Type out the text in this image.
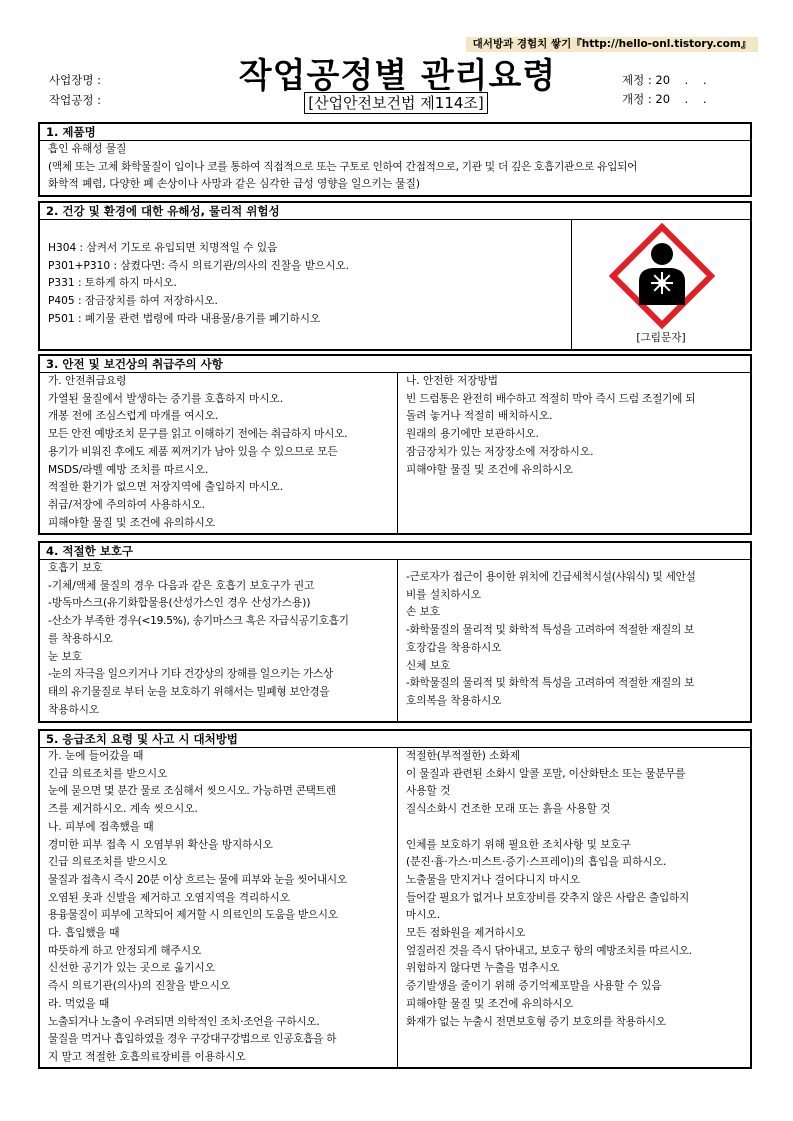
대서방과 경험치 쌓기『http://hello-onl.tistory.com』
사업장명 :
작업공정 :
작업공정별 관리요령
[산업안전보건법 제114조]
제정 : 20    .    .
개정 : 20    .    .
1. 제품명
흡인 유해성 물질
(액체 또는 고체 화학물질이 입이나 코를 통하여 직접적으로 또는 구토로 인하여 간접적으로, 기관 및 더 깊은 호흡기관으로 유입되어
화학적 폐렴, 다양한 폐 손상이나 사망과 같은 심각한 급성 영향을 일으키는 물질)
2. 건강 및 환경에 대한 유해성, 물리적 위험성
H304 : 삼켜서 기도로 유입되면 치명적일 수 있음
P301+P310 : 삼켰다면: 즉시 의료기관/의사의 진찰을 받으시오.
P331 : 토하게 하지 마시오.
P405 : 잠금장치를 하여 저장하시오.
P501 : 폐기물 관련 법령에 따라 내용물/용기를 폐기하시오
[그림문자]
3. 안전 및 보건상의 취급주의 사항
가. 안전취급요령
가열된 물질에서 발생하는 증기를 호흡하지 마시오.
개봉 전에 조심스럽게 마개를 여시오.
모든 안전 예방조치 문구를 읽고 이해하기 전에는 취급하지 마시오.
용기가 비워진 후에도 제품 찌꺼기가 남아 있을 수 있으므로 모든
MSDS/라벨 예방 조치를 따르시오.
적절한 환기가 없으면 저장지역에 출입하지 마시오.
취급/저장에 주의하여 사용하시오.
피해야할 물질 및 조건에 유의하시오
나. 안전한 저장방법
빈 드럼통은 완전히 배수하고 적절히 막아 즉시 드럼 조절기에 되
돌려 놓거나 적절히 배치하시오.
원래의 용기에만 보관하시오.
잠금장치가 있는 저장장소에 저장하시오.
피해야할 물질 및 조건에 유의하시오
4. 적절한 보호구
호흡기 보호
-기체/액체 물질의 경우 다음과 같은 호흡기 보호구가 권고
-방독마스크(유기화합물용(산성가스인 경우 산성가스용))
-산소가 부족한 경우(<19.5%), 송기마스크 혹은 자급식공기호흡기
를 착용하시오
눈 보호
-눈의 자극을 일으키거나 기타 건강상의 장해를 일으키는 가스상
태의 유기물질로 부터 눈을 보호하기 위해서는 밀폐형 보안경을
착용하시오
-근로자가 접근이 용이한 위치에 긴급세척시설(샤워식) 및 세안설
비를 설치하시오
손 보호
-화학물질의 물리적 및 화학적 특성을 고려하여 적절한 재질의 보
호장갑을 착용하시오
신체 보호
-화학물질의 물리적 및 화학적 특성을 고려하여 적절한 재질의 보
호의복을 착용하시오
5. 응급조치 요령 및 사고 시 대처방법
가. 눈에 들어갔을 때
긴급 의료조치를 받으시오
눈에 묻으면 몇 분간 물로 조심해서 씻으시오. 가능하면 콘택트렌
즈를 제거하시오. 계속 씻으시오.
나. 피부에 접촉했을 때
경미한 피부 접촉 시 오염부위 확산을 방지하시오
긴급 의료조치를 받으시오
물질과 접촉시 즉시 20분 이상 흐르는 물에 피부와 눈을 씻어내시오
오염된 옷과 신발을 제거하고 오염지역을 격리하시오
용융물질이 피부에 고착되어 제거할 시 의료인의 도움을 받으시오
다. 흡입했을 때
따뜻하게 하고 안정되게 해주시오
신선한 공기가 있는 곳으로 옮기시오
즉시 의료기관(의사)의 진찰을 받으시오
라. 먹었을 때
노출되거나 노출이 우려되면 의학적인 조치·조언을 구하시오.
물질을 먹거나 흡입하였을 경우 구강대구강법으로 인공호흡을 하
지 말고 적절한 호흡의료장비를 이용하시오
적절한(부적절한) 소화제
이 물질과 관련된 소화시 알콜 포말, 이산화탄소 또는 물분무를
사용할 것
질식소화시 건조한 모래 또는 흙을 사용할 것
인체를 보호하기 위해 필요한 조치사항 및 보호구
(분진·흄·가스·미스트·증기·스프레이)의 흡입을 피하시오.
노출물을 만지거나 걸어다니지 마시오
들어갈 필요가 없거나 보호장비를 갖추지 않은 사람은 출입하지
마시오.
모든 점화원을 제거하시오
엎질러진 것을 즉시 닦아내고, 보호구 항의 예방조치를 따르시오.
위험하지 않다면 누출을 멈추시오
증기발생을 줄이기 위해 증기억제포말을 사용할 수 있음
피해야할 물질 및 조건에 유의하시오
화재가 없는 누출시 전면보호형 증기 보호의를 착용하시오
